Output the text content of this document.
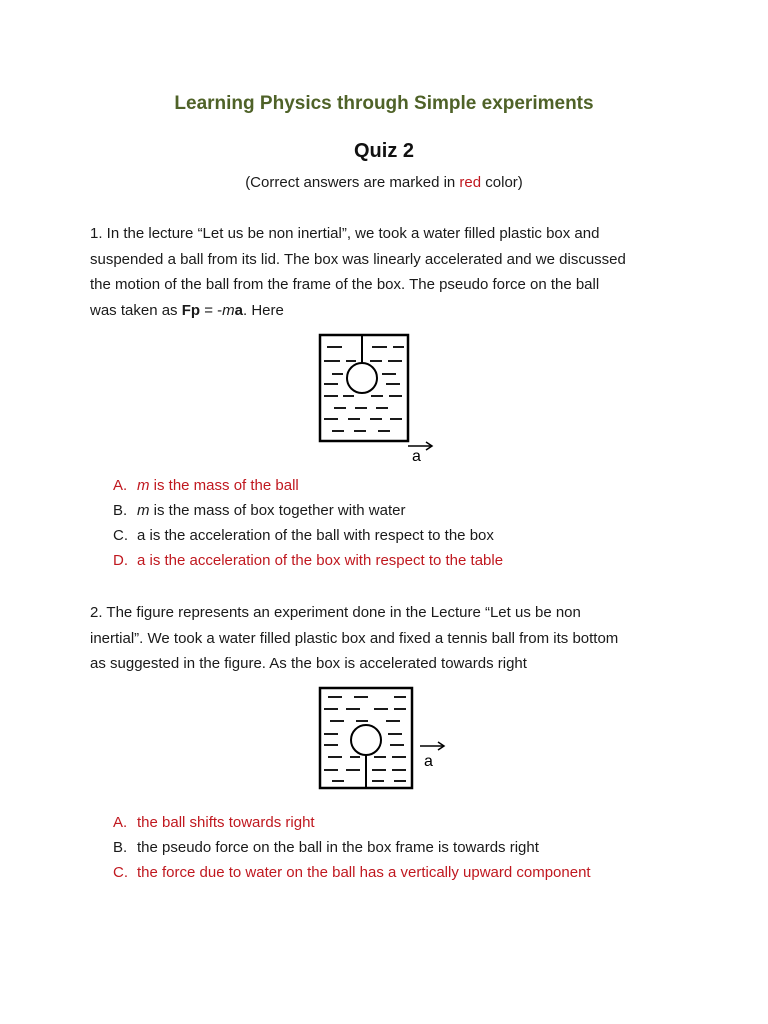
Learning Physics through Simple experiments
Quiz 2
(Correct answers are marked in red color)
1. In the lecture “Let us be non inertial”, we took a water filled plastic box and
suspended a ball from its lid. The box was linearly accelerated and we discussed
the motion of the ball from the frame of the box. The pseudo force on the ball
was taken as Fp = -ma. Here
a
A. m is the mass of the ball
B. m is the mass of box together with water
C. a is the acceleration of the ball with respect to the box
D. a is the acceleration of the box with respect to the table
2. The figure represents an experiment done in the Lecture “Let us be non
inertial”. We took a water filled plastic box and fixed a tennis ball from its bottom
as suggested in the figure. As the box is accelerated towards right
a
A. the ball shifts towards right
B. the pseudo force on the ball in the box frame is towards right
C. the force due to water on the ball has a vertically upward component
